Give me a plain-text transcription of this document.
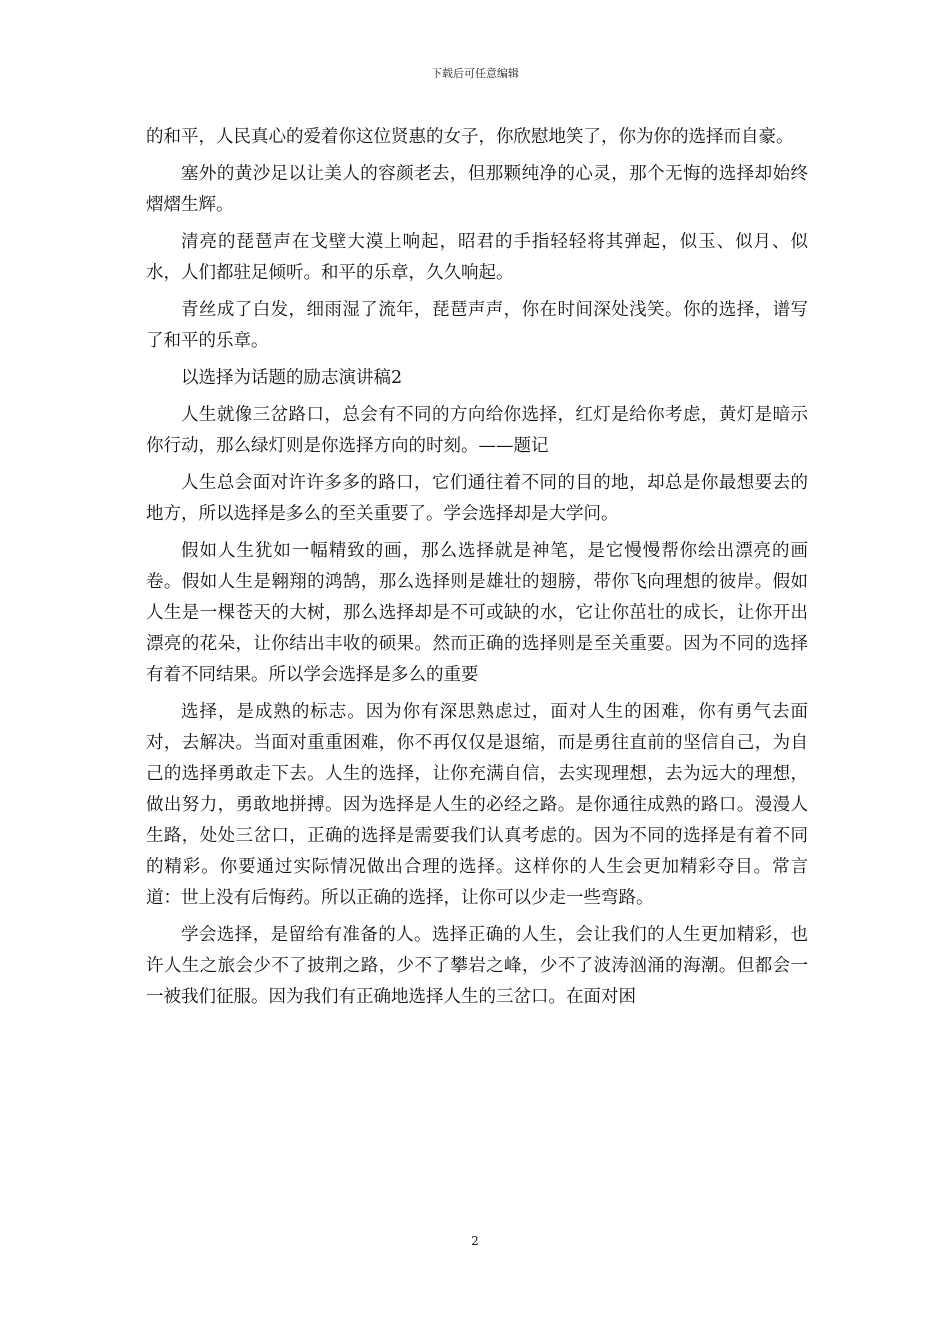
下载后可任意编辑

的和平，人民真心的爱着你这位贤惠的女子，你欣慰地笑了，你为你的选择而自豪。

塞外的黄沙足以让美人的容颜老去，但那颗纯净的心灵，那个无悔的选择却始终熠熠生辉。

清亮的琵琶声在戈壁大漠上响起，昭君的手指轻轻将其弹起，似玉、似月、似水，人们都驻足倾听。和平的乐章，久久响起。

青丝成了白发，细雨湿了流年，琵琶声声，你在时间深处浅笑。你的选择，谱写了和平的乐章。

以选择为话题的励志演讲稿2

人生就像三岔路口，总会有不同的方向给你选择，红灯是给你考虑，黄灯是暗示你行动，那么绿灯则是你选择方向的时刻。——题记

人生总会面对许许多多的路口，它们通往着不同的目的地，却总是你最想要去的地方，所以选择是多么的至关重要了。学会选择却是大学问。

假如人生犹如一幅精致的画，那么选择就是神笔，是它慢慢帮你绘出漂亮的画卷。假如人生是翱翔的鸿鹄，那么选择则是雄壮的翅膀，带你飞向理想的彼岸。假如人生是一棵苍天的大树，那么选择却是不可或缺的水，它让你茁壮的成长，让你开出漂亮的花朵，让你结出丰收的硕果。然而正确的选择则是至关重要。因为不同的选择有着不同结果。所以学会选择是多么的重要

选择，是成熟的标志。因为你有深思熟虑过，面对人生的困难，你有勇气去面对，去解决。当面对重重困难，你不再仅仅是退缩，而是勇往直前的坚信自己，为自己的选择勇敢走下去。人生的选择，让你充满自信，去实现理想，去为远大的理想，做出努力，勇敢地拼搏。因为选择是人生的必经之路。是你通往成熟的路口。漫漫人生路，处处三岔口，正确的选择是需要我们认真考虑的。因为不同的选择是有着不同的精彩。你要通过实际情况做出合理的选择。这样你的人生会更加精彩夺目。常言道：世上没有后悔药。所以正确的选择，让你可以少走一些弯路。

学会选择，是留给有准备的人。选择正确的人生，会让我们的人生更加精彩，也许人生之旅会少不了披荆之路，少不了攀岩之峰，少不了波涛汹涌的海潮。但都会一一被我们征服。因为我们有正确地选择人生的三岔口。在面对困

2
